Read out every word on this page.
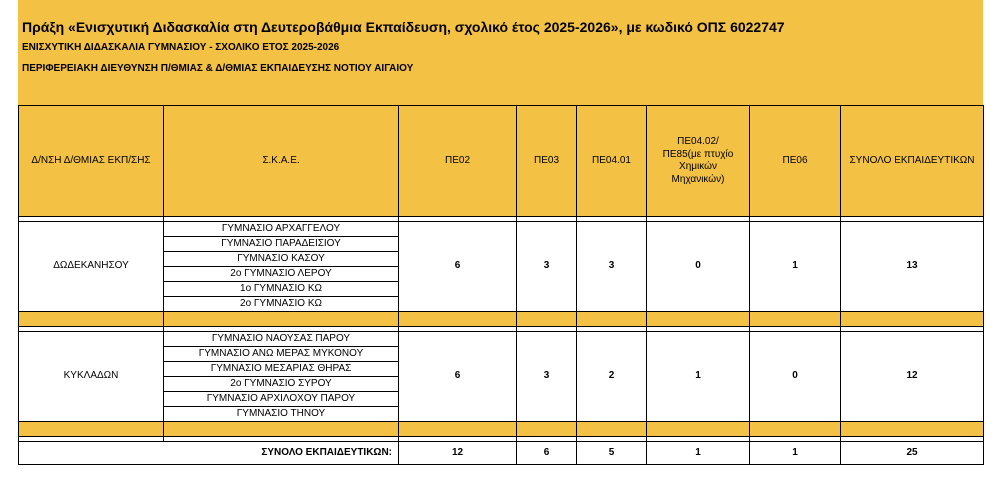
Πράξη «Ενισχυτική Διδασκαλία στη Δευτεροβάθμια Εκπαίδευση, σχολικό έτος 2025-2026», με κωδικό ΟΠΣ 6022747
ΕΝΙΣΧΥΤΙΚΗ ΔΙΔΑΣΚΑΛΙΑ ΓΥΜΝΑΣΙΟΥ - ΣΧΟΛΙΚΟ ΕΤΟΣ 2025-2026
ΠΕΡΙΦΕΡΕΙΑΚΗ ΔΙΕΥΘΥΝΣΗ Π/ΘΜΙΑΣ & Δ/ΘΜΙΑΣ ΕΚΠΑΙΔΕΥΣΗΣ ΝΟΤΙΟΥ ΑΙΓΑΙΟΥ
Δ/ΝΣΗ Δ/ΘΜΙΑΣ ΕΚΠ/ΣΗΣ	Σ.Κ.Α.Ε.	ΠΕ02	ΠΕ03	ΠΕ04.01	ΠΕ04.02/
ΠΕ85(με πτυχίο
Χημικών
Μηχανικών)	ΠΕ06	ΣΥΝΟΛΟ ΕΚΠΑΙΔΕΥΤΙΚΩΝ

ΔΩΔΕΚΑΝΗΣΟΥ	ΓΥΜΝΑΣΙΟ ΑΡΧΑΓΓΕΛΟΥ	6	3	3	0	1	13
	ΓΥΜΝΑΣΙΟ ΠΑΡΑΔΕΙΣΙΟΥ						
	ΓΥΜΝΑΣΙΟ ΚΑΣΟΥ						
	2ο ΓΥΜΝΑΣΙΟ ΛΕΡΟΥ						
	1ο ΓΥΜΝΑΣΙΟ ΚΩ						
	2ο ΓΥΜΝΑΣΙΟ ΚΩ						

ΚΥΚΛΑΔΩΝ	ΓΥΜΝΑΣΙΟ ΝΑΟΥΣΑΣ ΠΑΡΟΥ	6	3	2	1	0	12
	ΓΥΜΝΑΣΙΟ ΑΝΩ ΜΕΡΑΣ ΜΥΚΟΝΟΥ						
	ΓΥΜΝΑΣΙΟ ΜΕΣΑΡΙΑΣ ΘΗΡΑΣ						
	2ο ΓΥΜΝΑΣΙΟ ΣΥΡΟΥ						
	ΓΥΜΝΑΣΙΟ ΑΡΧΙΛΟΧΟΥ ΠΑΡΟΥ						
	ΓΥΜΝΑΣΙΟ ΤΗΝΟΥ						

ΣΥΝΟΛΟ ΕΚΠΑΙΔΕΥΤΙΚΩΝ:		12	6	5	1	1	25
